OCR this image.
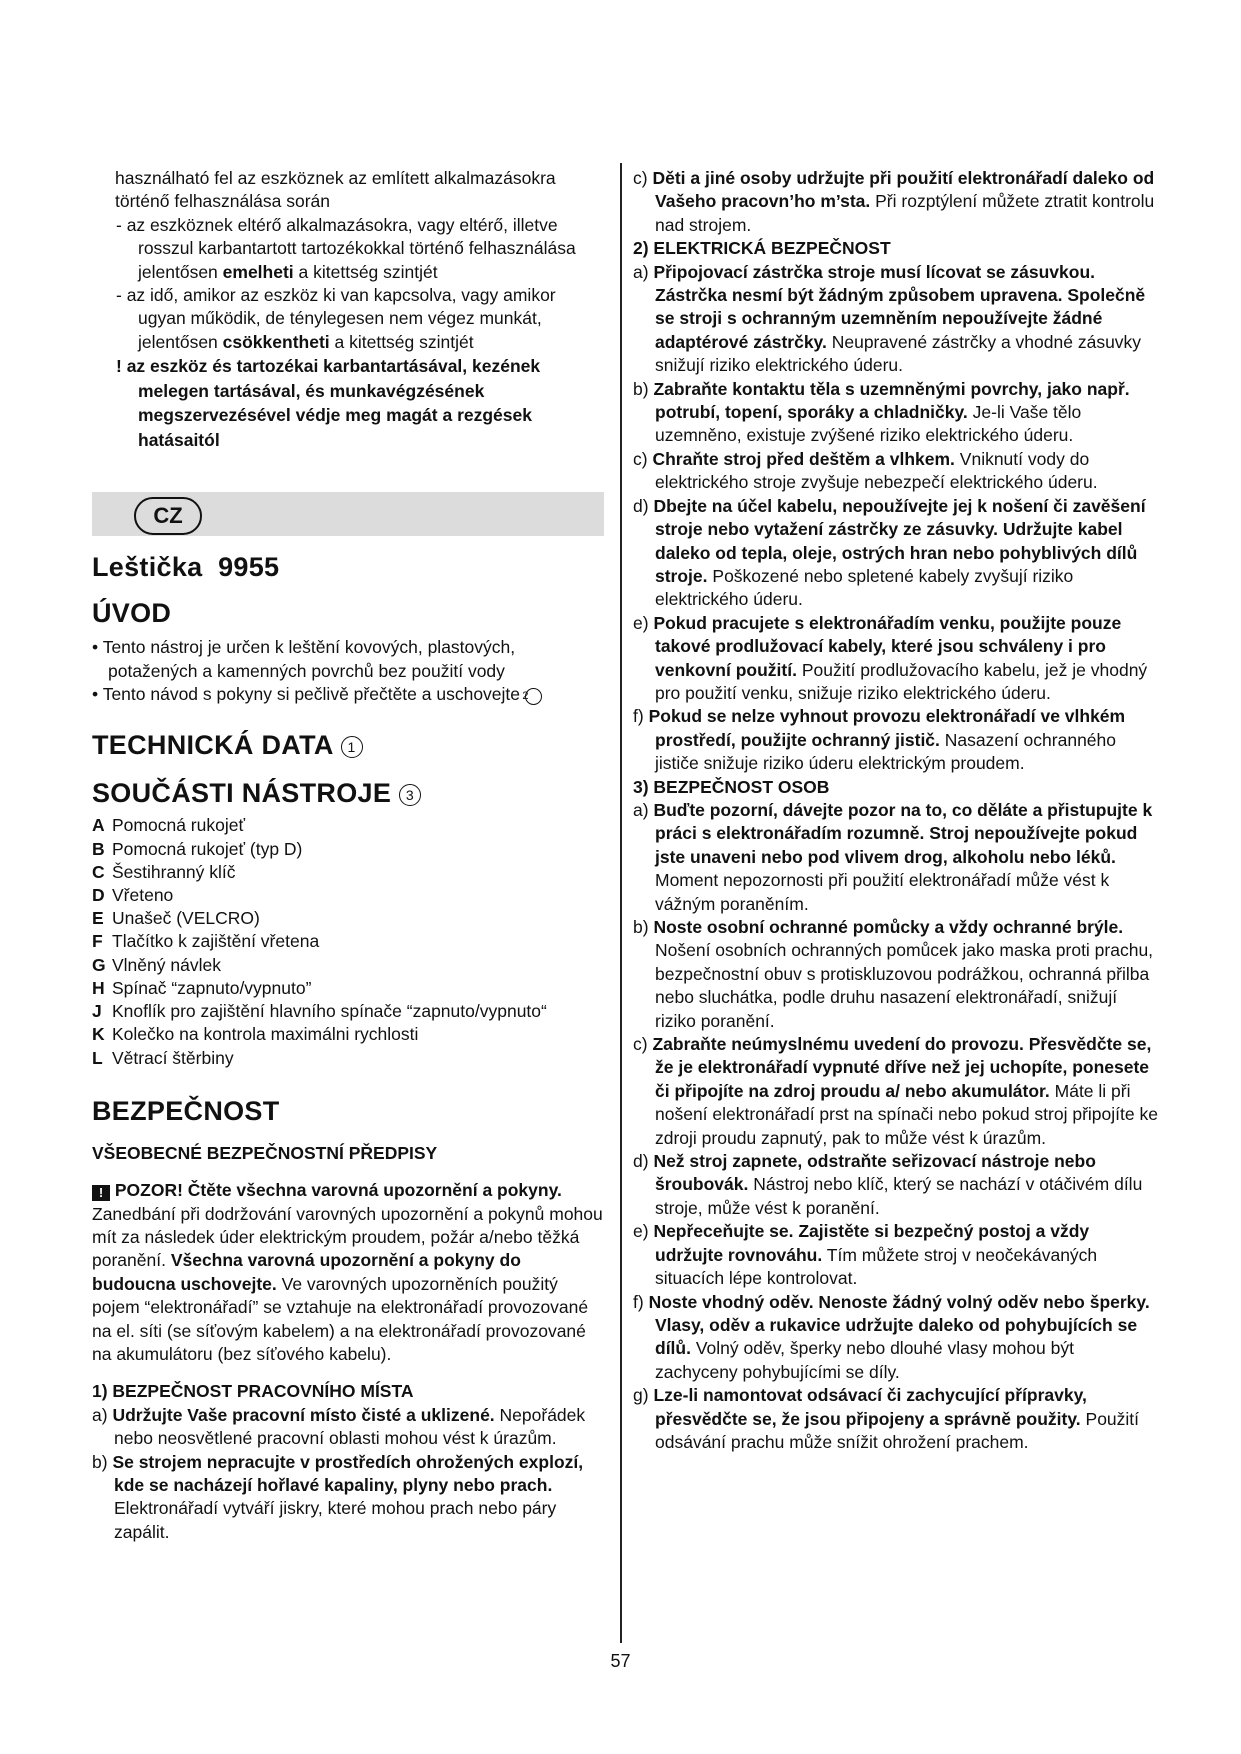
használható fel az eszköznek az említett alkalmazásokra történő felhasználása során

- az eszköznek eltérő alkalmazásokra, vagy eltérő, illetve rosszul karbantartott tartozékokkal történő felhasználása jelentősen emelheti a kitettség szintjét

- az idő, amikor az eszköz ki van kapcsolva, vagy amikor ugyan működik, de ténylegesen nem végez munkát, jelentősen csökkentheti a kitettség szintjét

! az eszköz és tartozékai karbantartásával, kezének melegen tartásával, és munkavégzésének megszervezésével védje meg magát a rezgések hatásaitól

CZ
Leštička  9955
ÚVOD
• Tento nástroj je určen k leštění kovových, plastových, potažených a kamenných povrchů bez použití vody
• Tento návod s pokyny si pečlivě přečtěte a uschovejte 2
TECHNICKÁ DATA 1
SOUČÁSTI NÁSTROJE 3
A Pomocná rukojeť
B Pomocná rukojeť (typ D)
C Šestihranný klíč
D Vřeteno
E Unašeč (VELCRO)
F Tlačítko k zajištění vřetena
G Vlněný návlek
H Spínač “zapnuto/vypnuto”
J Knoflík pro zajištění hlavního spínače “zapnuto/vypnuto“
K Kolečko na kontrola maximálni rychlosti
L Větrací štěrbiny
BEZPEČNOST
VŠEOBECNÉ BEZPEČNOSTNÍ PŘEDPISY

! POZOR! Čtěte všechna varovná upozornění a pokyny. Zanedbání při dodržování varovných upozornění a pokynů mohou mít za následek úder elektrickým proudem, požár a/nebo těžká poranění. Všechna varovná upozornění a pokyny do budoucna uschovejte. Ve varovných upozorněních použitý pojem “elektronářadí” se vztahuje na elektronářadí provozované na el. síti (se síťovým kabelem) a na elektronářadí provozované na akumulátoru (bez síťového kabelu).

1) BEZPEČNOST PRACOVNÍHO MÍSTA

a) Udržujte Vaše pracovní místo čisté a uklizené. Nepořádek nebo neosvětlené pracovní oblasti mohou vést k úrazům.

b) Se strojem nepracujte v prostředích ohrožených explozí, kde se nacházejí hořlavé kapaliny, plyny nebo prach. Elektronářadí vytváří jiskry, které mohou prach nebo páry zapálit.

c) Děti a jiné osoby udržujte při použití elektronářadí daleko od Vašeho pracovn’ho m’sta. Při rozptýlení můžete ztratit kontrolu nad strojem.

2) ELEKTRICKÁ BEZPEČNOST

a) Připojovací zástrčka stroje musí lícovat se zásuvkou. Zástrčka nesmí být žádným způsobem upravena. Společně se stroji s ochranným uzemněním nepoužívejte žádné adaptérové zástrčky. Neupravené zástrčky a vhodné zásuvky snižují riziko elektrického úderu.

b) Zabraňte kontaktu těla s uzemněnými povrchy, jako např. potrubí, topení, sporáky a chladničky. Je-li Vaše tělo uzemněno, existuje zvýšené riziko elektrického úderu.

c) Chraňte stroj před deštěm a vlhkem. Vniknutí vody do elektrického stroje zvyšuje nebezpečí elektrického úderu.

d) Dbejte na účel kabelu, nepoužívejte jej k nošení či zavěšení stroje nebo vytažení zástrčky ze zásuvky. Udržujte kabel daleko od tepla, oleje, ostrých hran nebo pohyblivých dílů stroje. Poškozené nebo spletené kabely zvyšují riziko elektrického úderu.

e) Pokud pracujete s elektronářadím venku, použijte pouze takové prodlužovací kabely, které jsou schváleny i pro venkovní použití. Použití prodlužovacího kabelu, jež je vhodný pro použití venku, snižuje riziko elektrického úderu.

f) Pokud se nelze vyhnout provozu elektronářadí ve vlhkém prostředí, použijte ochranný jistič. Nasazení ochranného jističe snižuje riziko úderu elektrickým proudem.

3) BEZPEČNOST OSOB

a) Buďte pozorní, dávejte pozor na to, co děláte a přistupujte k práci s elektronářadím rozumně. Stroj nepoužívejte pokud jste unaveni nebo pod vlivem drog, alkoholu nebo léků. Moment nepozornosti při použití elektronářadí může vést k vážným poraněním.

b) Noste osobní ochranné pomůcky a vždy ochranné brýle. Nošení osobních ochranných pomůcek jako maska proti prachu, bezpečnostní obuv s protiskluzovou podrážkou, ochranná přilba nebo sluchátka, podle druhu nasazení elektronářadí, snižují riziko poranění.

c) Zabraňte neúmyslnému uvedení do provozu. Přesvědčte se, že je elektronářadí vypnuté dříve než jej uchopíte, ponesete či připojíte na zdroj proudu a/ nebo akumulátor. Máte li při nošení elektronářadí prst na spínači nebo pokud stroj připojíte ke zdroji proudu zapnutý, pak to může vést k úrazům.

d) Než stroj zapnete, odstraňte seřizovací nástroje nebo šroubovák. Nástroj nebo klíč, který se nachází v otáčivém dílu stroje, může vést k poranění.

e) Nepřeceňujte se. Zajistěte si bezpečný postoj a vždy udržujte rovnováhu. Tím můžete stroj v neočekávaných situacích lépe kontrolovat.

f) Noste vhodný oděv. Nenoste žádný volný oděv nebo šperky. Vlasy, oděv a rukavice udržujte daleko od pohybujících se dílů. Volný oděv, šperky nebo dlouhé vlasy mohou být zachyceny pohybujícími se díly.

g) Lze-li namontovat odsávací či zachycující přípravky, přesvědčte se, že jsou připojeny a správně použity. Použití odsávání prachu může snížit ohrožení prachem.

57
